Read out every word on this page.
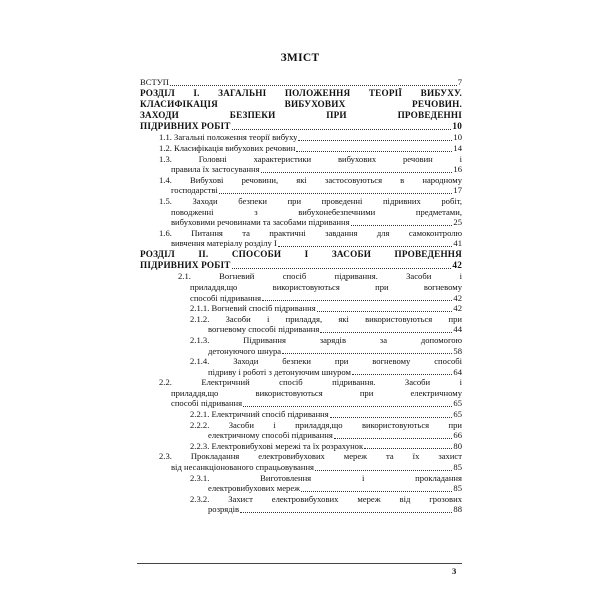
ЗМІСТ
ВСТУП	7
РОЗДІЛ І. ЗАГАЛЬНІ ПОЛОЖЕННЯ ТЕОРІЇ ВИБУХУ.
КЛАСИФІКАЦІЯ ВИБУХОВИХ РЕЧОВИН.
ЗАХОДИ БЕЗПЕКИ ПРИ ПРОВЕДЕННІ
ПІДРИВНИХ РОБІТ	10
1.1. Загальні положення теорії вибуху	10
1.2. Класифікація вибухових речовин	14
1.3. Головні характеристики вибухових речовин і
правила їх застосування	16
1.4. Вибухові речовини, які застосовуються в народному
господарстві	17
1.5. Заходи безпеки при проведенні підривних робіт,
поводженні з вибухонебезпечними предметами,
вибуховими речовинами та засобами підривання	25
1.6. Питання та практичні завдання для самоконтролю
вивчення матеріалу розділу І	41
РОЗДІЛ ІІ. СПОСОБИ І ЗАСОБИ ПРОВЕДЕННЯ
ПІДРИВНИХ РОБІТ	42
2.1. Вогневий спосіб підривання. Засоби і
приладдя,що використовуються при вогневому
способі підривання	42
2.1.1. Вогневий спосіб підривання	42
2.1.2. Засоби і приладдя, які використовуються при
вогневому способі підривання	44
2.1.3. Підривання зарядів за допомогою
детонуючого шнура	58
2.1.4. Заходи безпеки при вогневому способі
підриву і роботі з детонуючим шнуром	64
2.2. Електричний спосіб підривання. Засоби і
приладдя,що використовуються при електричному
способі підривання	65
2.2.1. Електричний спосіб підривання	65
2.2.2. Засоби і приладдя,що використовуються при
електричному способі підривання	66
2.2.3. Електровибухові мережі та їх розрахунок	80
2.3. Прокладання електровибухових мереж та їх захист
від несанкціонованого спрацьовування	85
2.3.1. Виготовлення і прокладання
електровибухових мереж	85
2.3.2. Захист електровибухових мереж від грозових
розрядів	88
3
